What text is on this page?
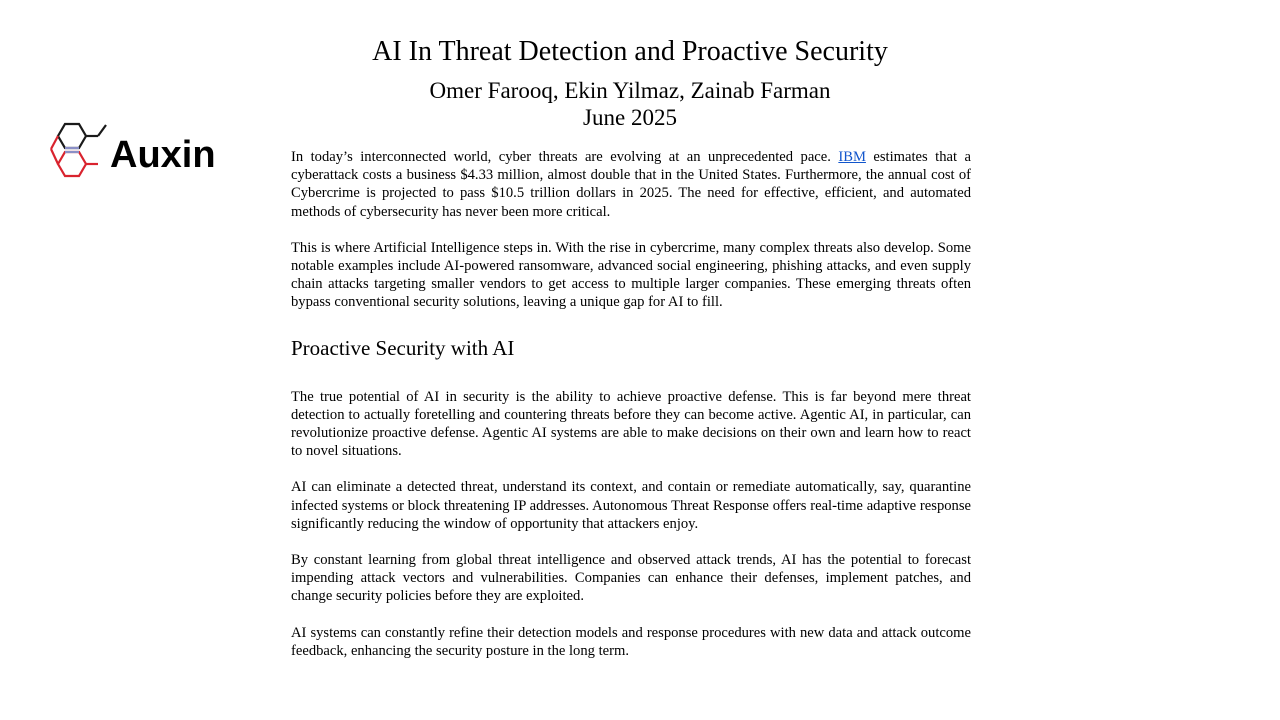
Auxin
AI In Threat Detection and Proactive Security
Omer Farooq, Ekin Yilmaz, Zainab Farman
June 2025

In today’s interconnected world, cyber threats are evolving at an unprecedented pace. IBM estimates that a cyberattack costs a business $4.33 million, almost double that in the United States. Furthermore, the annual cost of Cybercrime is projected to pass $10.5 trillion dollars in 2025. The need for effective, efficient, and automated methods of cybersecurity has never been more critical.

This is where Artificial Intelligence steps in. With the rise in cybercrime, many complex threats also develop. Some notable examples include AI-powered ransomware, advanced social engineering, phishing attacks, and even supply chain attacks targeting smaller vendors to get access to multiple larger companies. These emerging threats often bypass conventional security solutions, leaving a unique gap for AI to fill.

Proactive Security with AI

The true potential of AI in security is the ability to achieve proactive defense. This is far beyond mere threat detection to actually foretelling and countering threats before they can become active. Agentic AI, in particular, can revolutionize proactive defense. Agentic AI systems are able to make decisions on their own and learn how to react to novel situations.

AI can eliminate a detected threat, understand its context, and contain or remediate automatically, say, quarantine infected systems or block threatening IP addresses. Autonomous Threat Response offers real-time adaptive response significantly reducing the window of opportunity that attackers enjoy.

By constant learning from global threat intelligence and observed attack trends, AI has the potential to forecast impending attack vectors and vulnerabilities. Companies can enhance their defenses, implement patches, and change security policies before they are exploited.

AI systems can constantly refine their detection models and response procedures with new data and attack outcome feedback, enhancing the security posture in the long term.
